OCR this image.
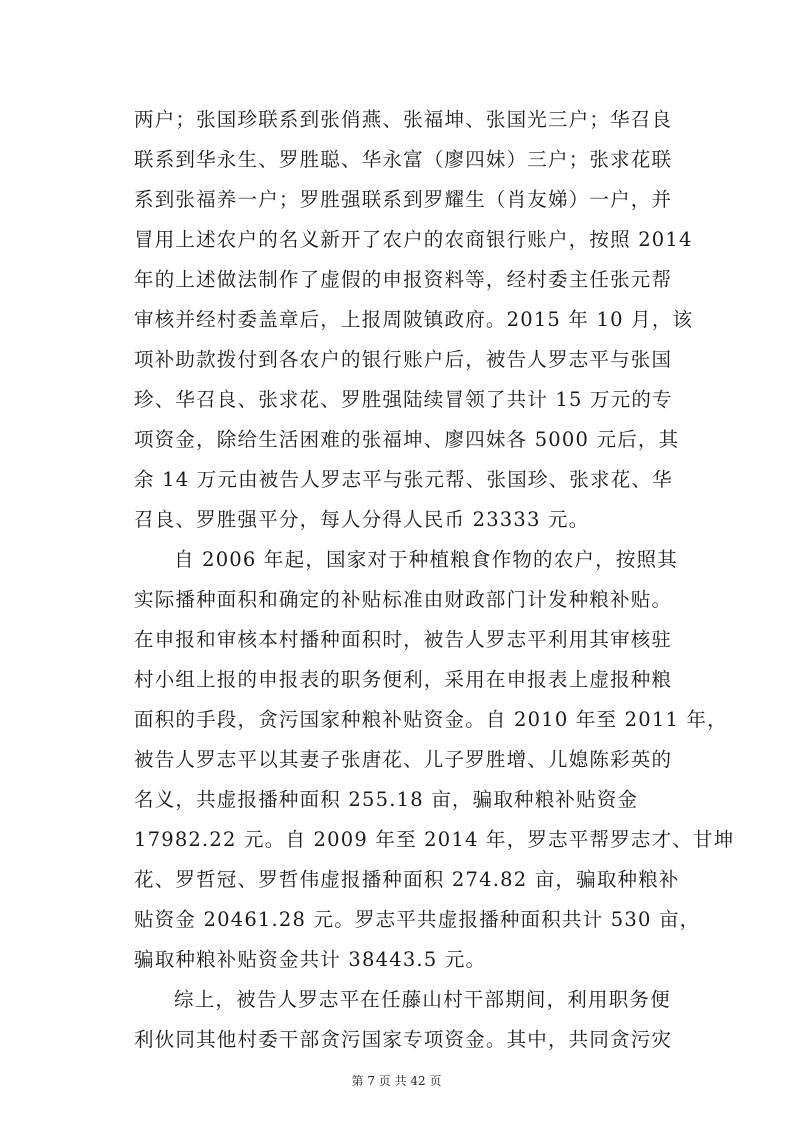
两户；张国珍联系到张俏燕、张福坤、张国光三户；华召良
联系到华永生、罗胜聪、华永富（廖四妹）三户；张求花联
系到张福养一户；罗胜强联系到罗耀生（肖友娣）一户，并
冒用上述农户的名义新开了农户的农商银行账户，按照 2014
年的上述做法制作了虚假的申报资料等，经村委主任张元帮
审核并经村委盖章后，上报周陂镇政府。2015 年 10 月，该
项补助款拨付到各农户的银行账户后，被告人罗志平与张国
珍、华召良、张求花、罗胜强陆续冒领了共计 15 万元的专
项资金，除给生活困难的张福坤、廖四妹各 5000 元后，其
余 14 万元由被告人罗志平与张元帮、张国珍、张求花、华
召良、罗胜强平分，每人分得人民币 23333 元。
自 2006 年起，国家对于种植粮食作物的农户，按照其
实际播种面积和确定的补贴标准由财政部门计发种粮补贴。
在申报和审核本村播种面积时，被告人罗志平利用其审核驻
村小组上报的申报表的职务便利，采用在申报表上虚报种粮
面积的手段，贪污国家种粮补贴资金。自 2010 年至 2011 年，
被告人罗志平以其妻子张唐花、儿子罗胜增、儿媳陈彩英的
名义，共虚报播种面积 255.18 亩，骗取种粮补贴资金
17982.22 元。自 2009 年至 2014 年，罗志平帮罗志才、甘坤
花、罗哲冠、罗哲伟虚报播种面积 274.82 亩，骗取种粮补
贴资金 20461.28 元。罗志平共虚报播种面积共计 530 亩，
骗取种粮补贴资金共计 38443.5 元。
综上，被告人罗志平在任藤山村干部期间，利用职务便
利伙同其他村委干部贪污国家专项资金。其中，共同贪污灾
第 7 页 共 42 页
